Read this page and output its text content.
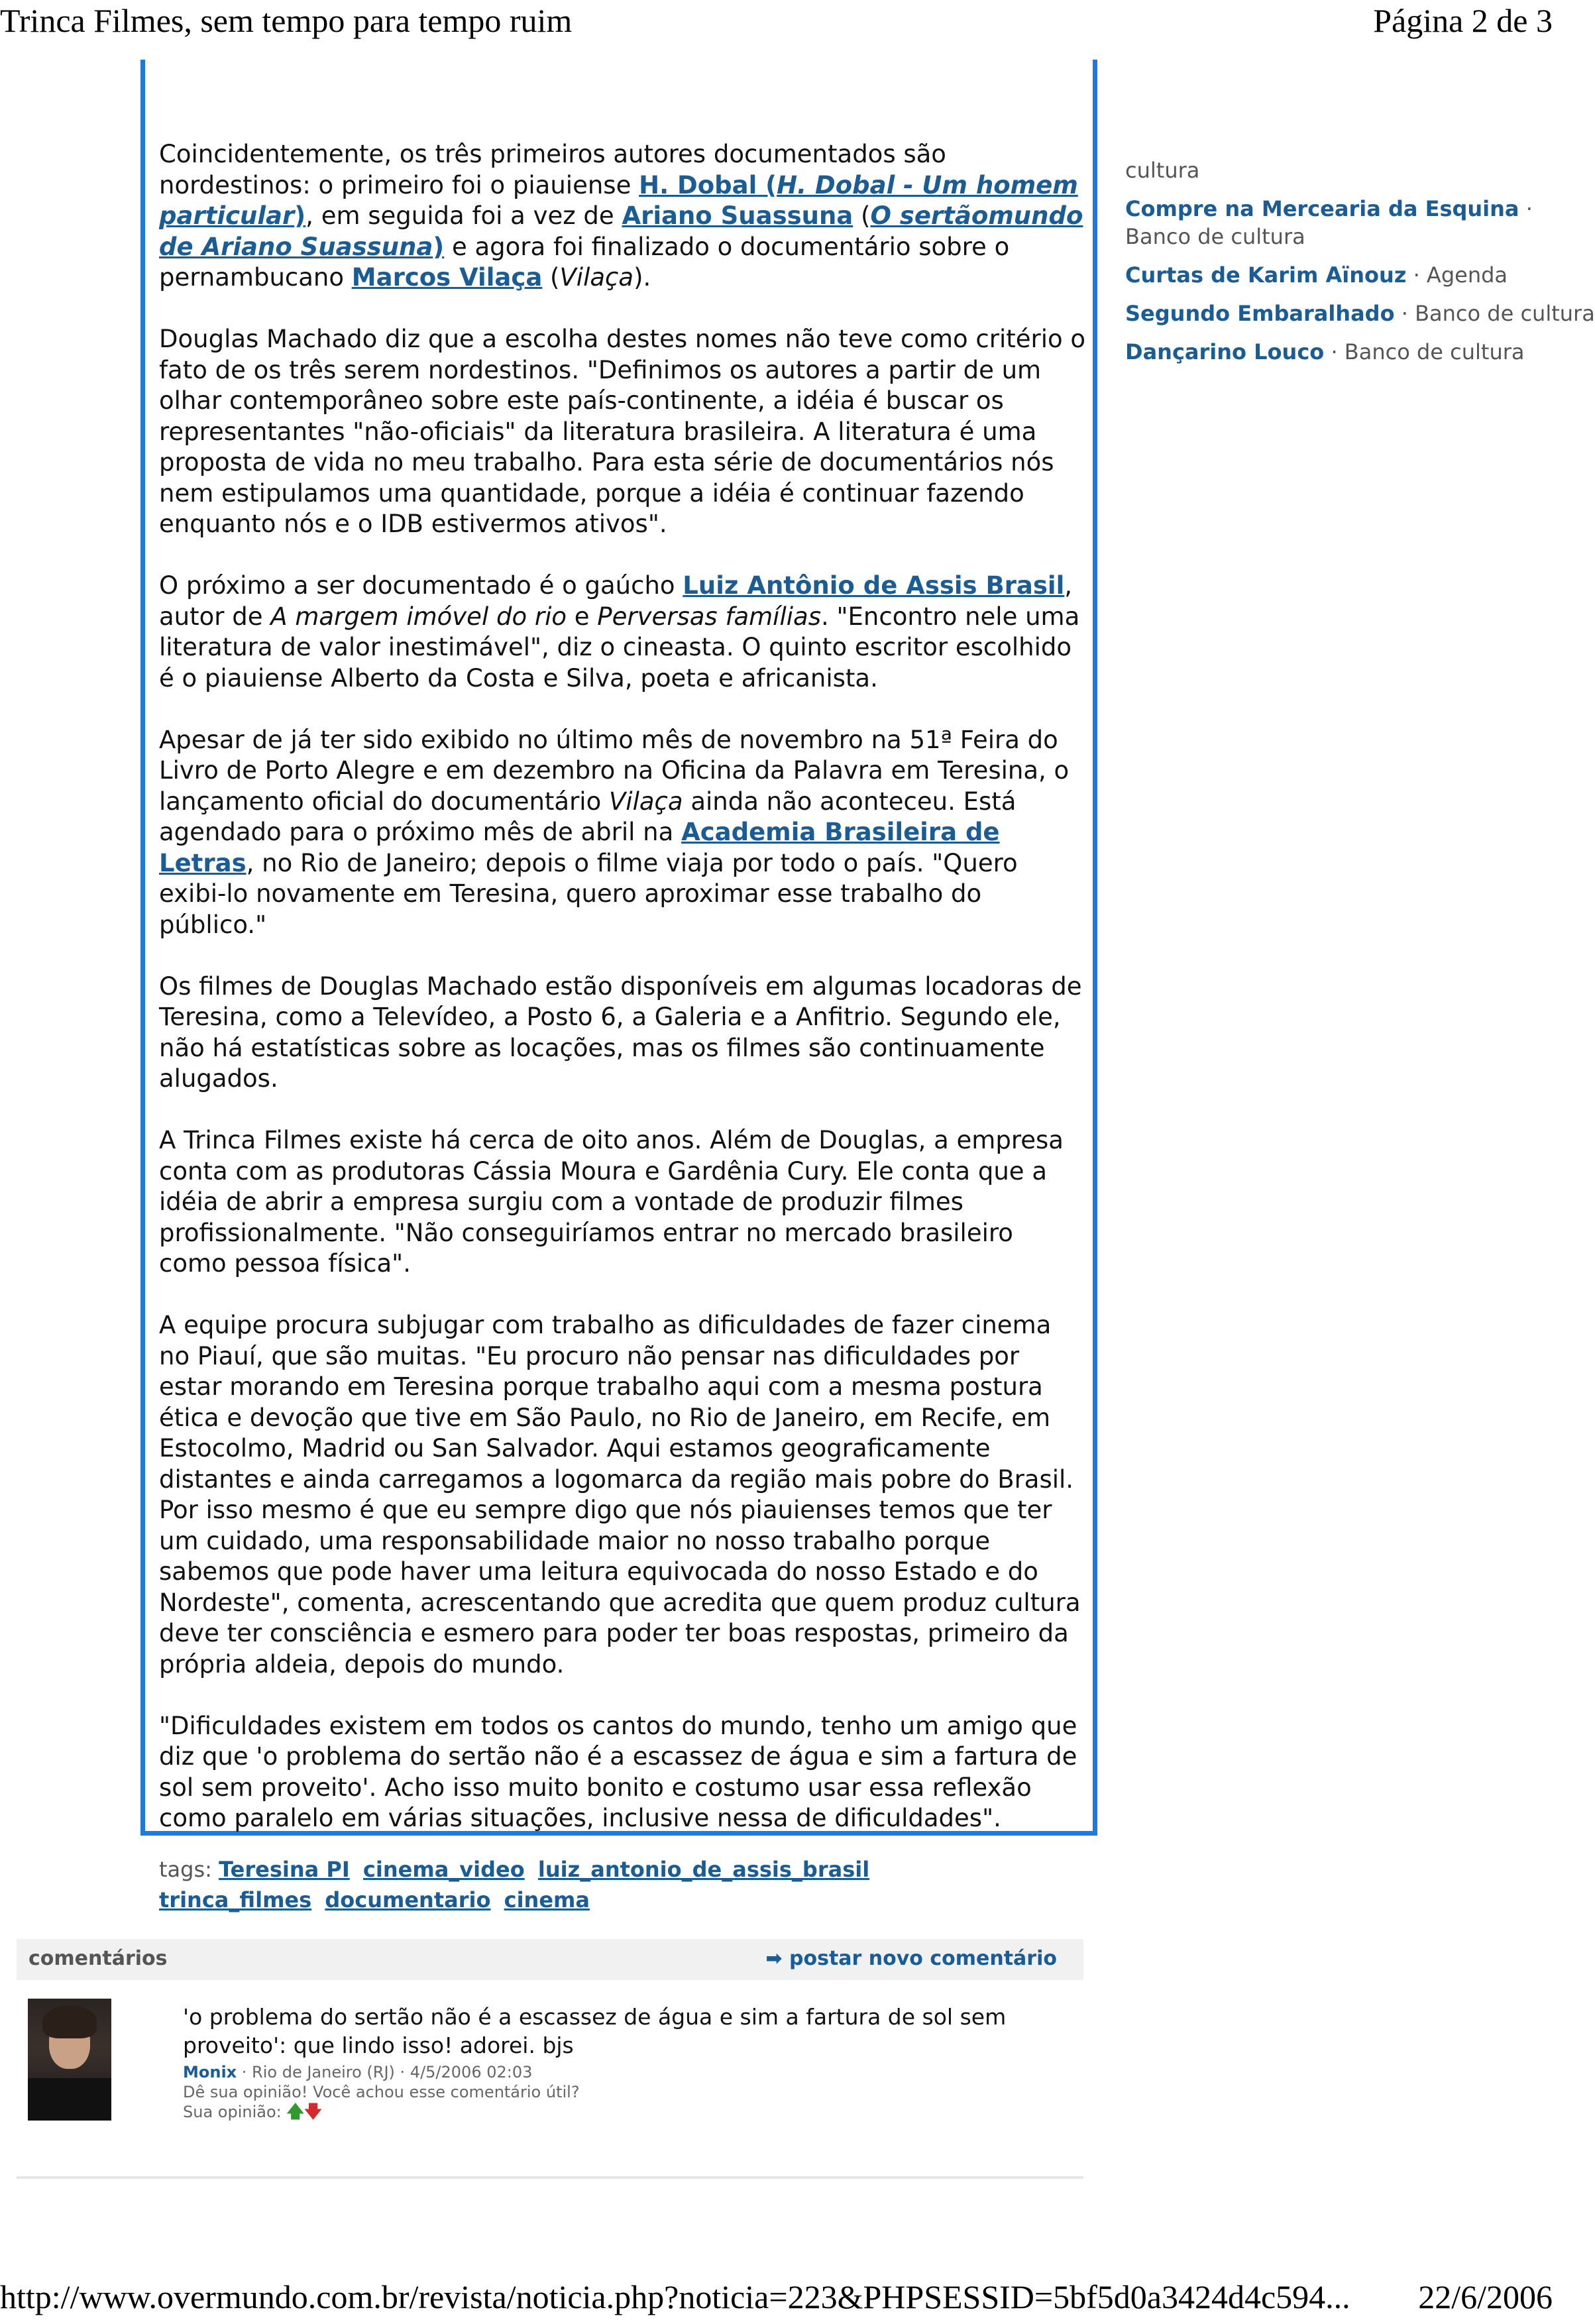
Trinca Filmes, sem tempo para tempo ruim	Página 2 de 3

Coincidentemente, os três primeiros autores documentados são nordestinos: o primeiro foi o piauiense H. Dobal (H. Dobal - Um homem particular), em seguida foi a vez de Ariano Suassuna (O sertãomundo de Ariano Suassuna) e agora foi finalizado o documentário sobre o pernambucano Marcos Vilaça (Vilaça).

Douglas Machado diz que a escolha destes nomes não teve como critério o fato de os três serem nordestinos. "Definimos os autores a partir de um olhar contemporâneo sobre este país-continente, a idéia é buscar os representantes "não-oficiais" da literatura brasileira. A literatura é uma proposta de vida no meu trabalho. Para esta série de documentários nós nem estipulamos uma quantidade, porque a idéia é continuar fazendo enquanto nós e o IDB estivermos ativos".

O próximo a ser documentado é o gaúcho Luiz Antônio de Assis Brasil, autor de A margem imóvel do rio e Perversas famílias. "Encontro nele uma literatura de valor inestimável", diz o cineasta. O quinto escritor escolhido é o piauiense Alberto da Costa e Silva, poeta e africanista.

Apesar de já ter sido exibido no último mês de novembro na 51ª Feira do Livro de Porto Alegre e em dezembro na Oficina da Palavra em Teresina, o lançamento oficial do documentário Vilaça ainda não aconteceu. Está agendado para o próximo mês de abril na Academia Brasileira de Letras, no Rio de Janeiro; depois o filme viaja por todo o país. "Quero exibi-lo novamente em Teresina, quero aproximar esse trabalho do público."

Os filmes de Douglas Machado estão disponíveis em algumas locadoras de Teresina, como a Televídeo, a Posto 6, a Galeria e a Anfitrio. Segundo ele, não há estatísticas sobre as locações, mas os filmes são continuamente alugados.

A Trinca Filmes existe há cerca de oito anos. Além de Douglas, a empresa conta com as produtoras Cássia Moura e Gardênia Cury. Ele conta que a idéia de abrir a empresa surgiu com a vontade de produzir filmes profissionalmente. "Não conseguiríamos entrar no mercado brasileiro como pessoa física".

A equipe procura subjugar com trabalho as dificuldades de fazer cinema no Piauí, que são muitas. "Eu procuro não pensar nas dificuldades por estar morando em Teresina porque trabalho aqui com a mesma postura ética e devoção que tive em São Paulo, no Rio de Janeiro, em Recife, em Estocolmo, Madrid ou San Salvador. Aqui estamos geograficamente distantes e ainda carregamos a logomarca da região mais pobre do Brasil. Por isso mesmo é que eu sempre digo que nós piauienses temos que ter um cuidado, uma responsabilidade maior no nosso trabalho porque sabemos que pode haver uma leitura equivocada do nosso Estado e do Nordeste", comenta, acrescentando que acredita que quem produz cultura deve ter consciência e esmero para poder ter boas respostas, primeiro da própria aldeia, depois do mundo.

"Dificuldades existem em todos os cantos do mundo, tenho um amigo que diz que 'o problema do sertão não é a escassez de água e sim a fartura de sol sem proveito'. Acho isso muito bonito e costumo usar essa reflexão como paralelo em várias situações, inclusive nessa de dificuldades".

cultura
Compre na Mercearia da Esquina · Banco de cultura
Curtas de Karim Aïnouz · Agenda
Segundo Embaralhado · Banco de cultura
Dançarino Louco · Banco de cultura
tags: Teresina PI cinema_video luiz_antonio_de_assis_brasil trinca_filmes documentario cinema
comentários	➡ postar novo comentário
'o problema do sertão não é a escassez de água e sim a fartura de sol sem proveito': que lindo isso! adorei. bjs
Monix · Rio de Janeiro (RJ) · 4/5/2006 02:03
Dê sua opinião! Você achou esse comentário útil?
Sua opinião: 🡅🡇
http://www.overmundo.com.br/revista/noticia.php?noticia=223&PHPSESSID=5bf5d0a3424d4c594... 22/6/2006
